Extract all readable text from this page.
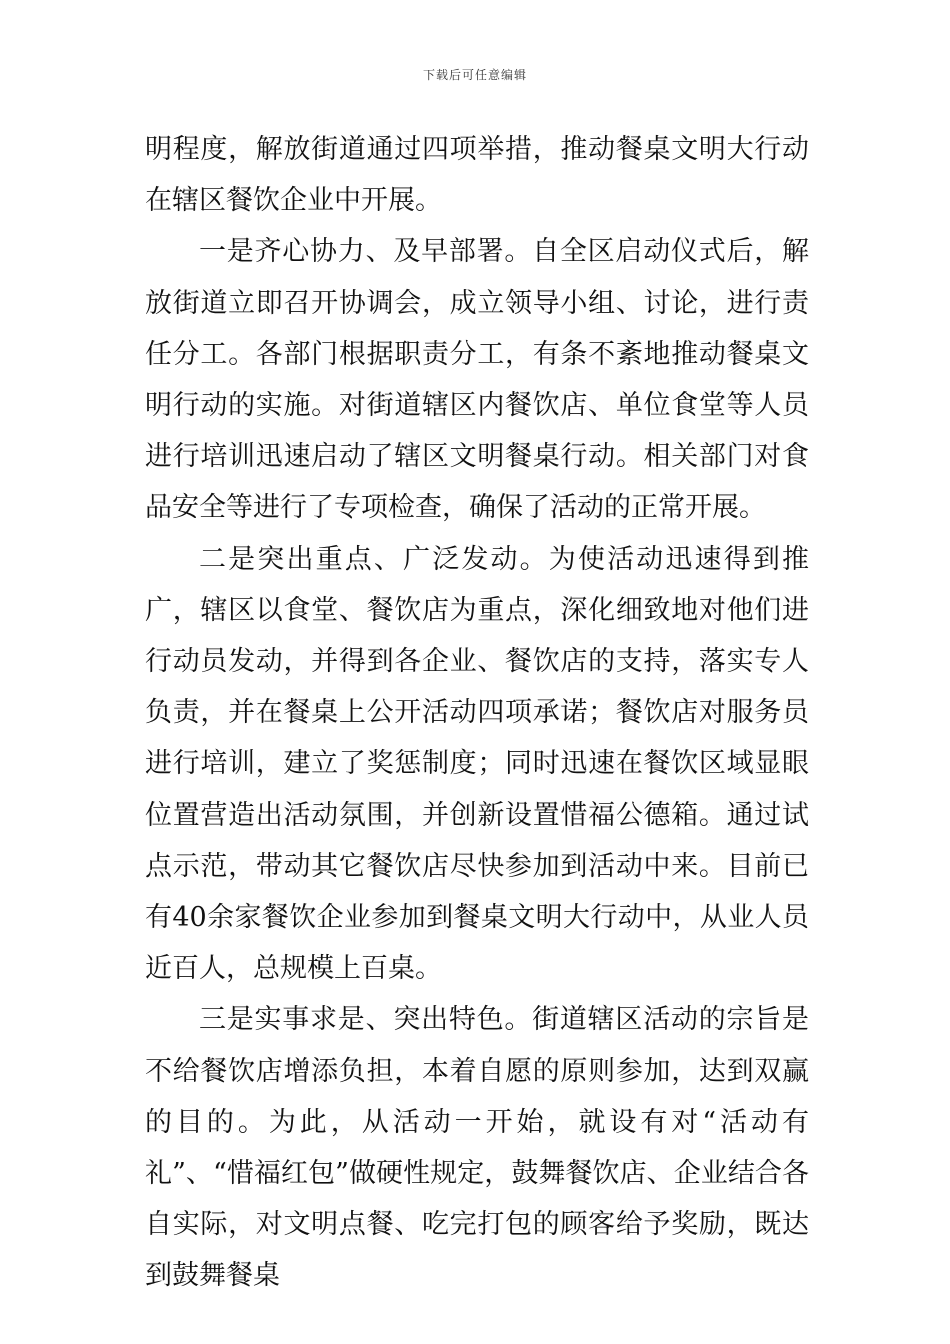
下载后可任意编辑

明程度，解放街道通过四项举措，推动餐桌文明大行动在辖区餐饮企业中开展。

一是齐心协力、及早部署。自全区启动仪式后，解放街道立即召开协调会，成立领导小组、讨论，进行责任分工。各部门根据职责分工，有条不紊地推动餐桌文明行动的实施。对街道辖区内餐饮店、单位食堂等人员进行培训迅速启动了辖区文明餐桌行动。相关部门对食品安全等进行了专项检查，确保了活动的正常开展。

二是突出重点、广泛发动。为使活动迅速得到推广，辖区以食堂、餐饮店为重点，深化细致地对他们进行动员发动，并得到各企业、餐饮店的支持，落实专人负责，并在餐桌上公开活动四项承诺；餐饮店对服务员进行培训，建立了奖惩制度；同时迅速在餐饮区域显眼位置营造出活动氛围，并创新设置惜福公德箱。通过试点示范，带动其它餐饮店尽快参加到活动中来。目前已有40余家餐饮企业参加到餐桌文明大行动中，从业人员近百人，总规模上百桌。

三是实事求是、突出特色。街道辖区活动的宗旨是不给餐饮店增添负担，本着自愿的原则参加，达到双赢的目的。为此，从活动一开始，就设有对“活动有礼”、“惜福红包”做硬性规定，鼓舞餐饮店、企业结合各自实际，对文明点餐、吃完打包的顾客给予奖励，既达到鼓舞餐桌
